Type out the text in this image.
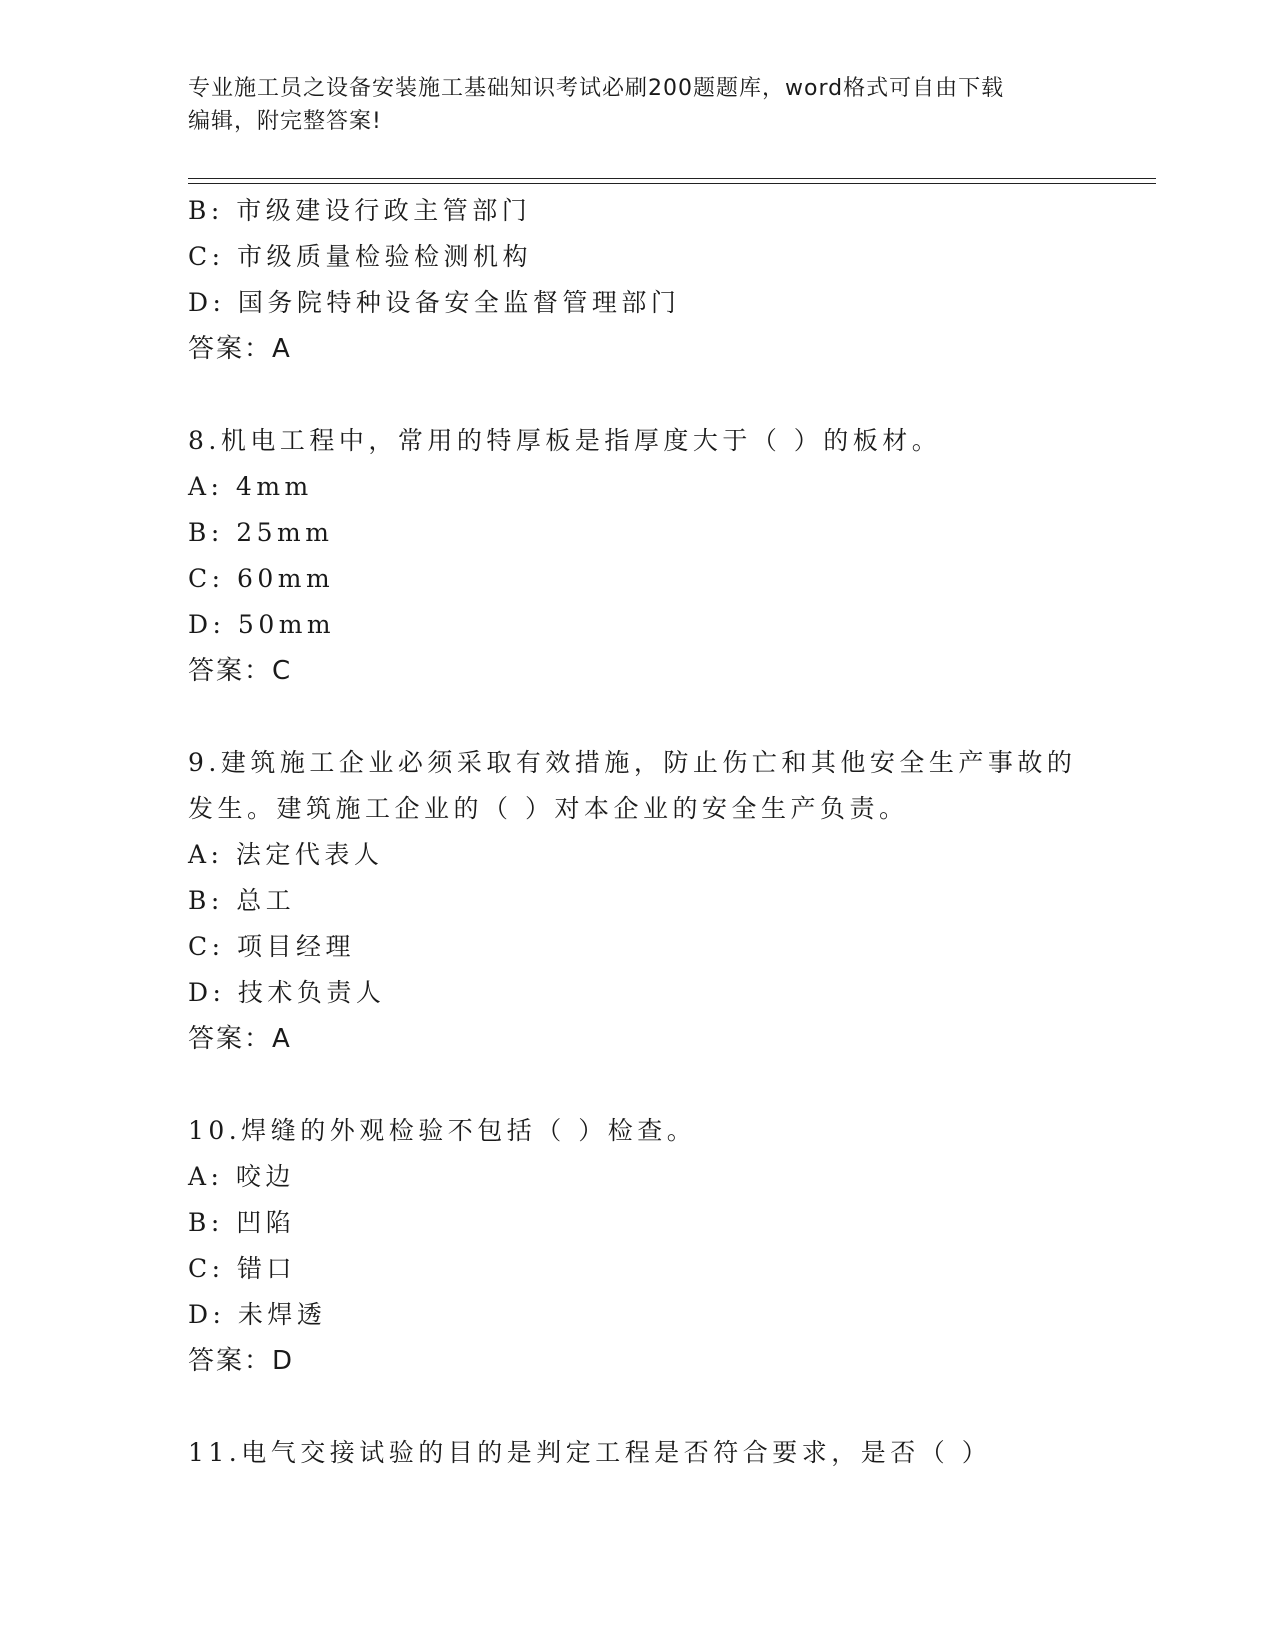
专业施工员之设备安装施工基础知识考试必刷200题题库，word格式可自由下载
编辑，附完整答案!
B: 市级建设行政主管部门
C: 市级质量检验检测机构
D: 国务院特种设备安全监督管理部门
答案：A
8.机电工程中，常用的特厚板是指厚度大于（ ）的板材。
A: 4mm
B: 25mm
C: 60mm
D: 50mm
答案：C
9.建筑施工企业必须采取有效措施，防止伤亡和其他安全生产事故的
发生。建筑施工企业的（ ）对本企业的安全生产负责。
A: 法定代表人
B: 总工
C: 项目经理
D: 技术负责人
答案：A
10.焊缝的外观检验不包括（ ）检查。
A: 咬边
B: 凹陷
C: 错口
D: 未焊透
答案：D
11.电气交接试验的目的是判定工程是否符合要求，是否（ ）
